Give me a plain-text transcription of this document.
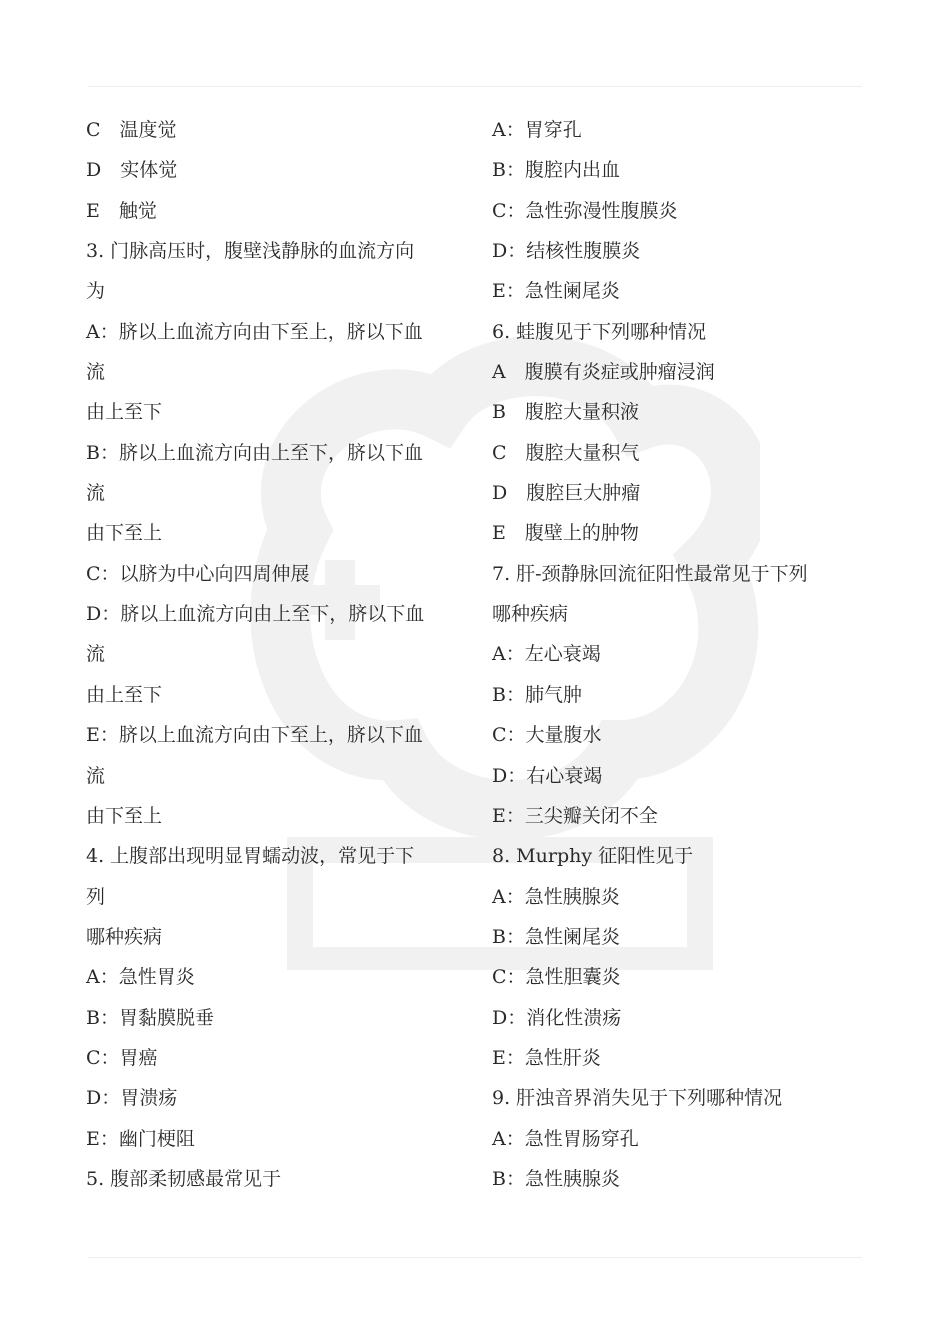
C　温度觉
D　实体觉
E　触觉
3. 门脉高压时，腹壁浅静脉的血流方向
为
A：脐以上血流方向由下至上，脐以下血
流
由上至下
B：脐以上血流方向由上至下，脐以下血
流
由下至上
C：以脐为中心向四周伸展
D：脐以上血流方向由上至下，脐以下血
流
由上至下
E：脐以上血流方向由下至上，脐以下血
流
由下至上
4. 上腹部出现明显胃蠕动波，常见于下
列
哪种疾病
A：急性胃炎
B：胃黏膜脱垂
C：胃癌
D：胃溃疡
E：幽门梗阻
5. 腹部柔韧感最常见于
A：胃穿孔
B：腹腔内出血
C：急性弥漫性腹膜炎
D：结核性腹膜炎
E：急性阑尾炎
6. 蛙腹见于下列哪种情况
A　腹膜有炎症或肿瘤浸润
B　腹腔大量积液
C　腹腔大量积气
D　腹腔巨大肿瘤
E　腹壁上的肿物
7. 肝-颈静脉回流征阳性最常见于下列
哪种疾病
A：左心衰竭
B：肺气肿
C：大量腹水
D：右心衰竭
E：三尖瓣关闭不全
8. Murphy 征阳性见于
A：急性胰腺炎
B：急性阑尾炎
C：急性胆囊炎
D：消化性溃疡
E：急性肝炎
9. 肝浊音界消失见于下列哪种情况
A：急性胃肠穿孔
B：急性胰腺炎
